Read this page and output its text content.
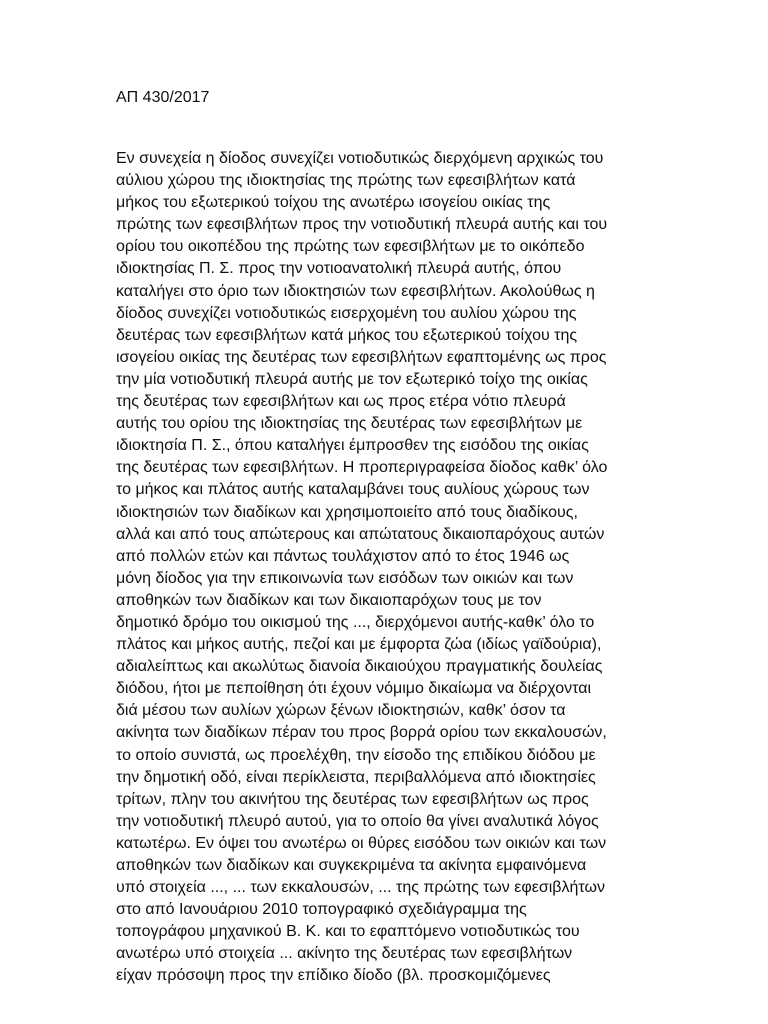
ΑΠ 430/2017
Εν συνεχεία η δίοδος συνεχίζει νοτιοδυτικώς διερχόμενη αρχικώς του
αύλιου χώρου της ιδιοκτησίας της πρώτης των εφεσιβλήτων κατά
μήκος του εξωτερικού τοίχου της ανωτέρω ισογείου οικίας της
πρώτης των εφεσιβλήτων προς την νοτιοδυτική πλευρά αυτής και του
ορίου του οικοπέδου της πρώτης των εφεσιβλήτων με το οικόπεδο
ιδιοκτησίας Π. Σ. προς την νοτιοανατολική πλευρά αυτής, όπου
καταλήγει στο όριο των ιδιοκτησιών των εφεσιβλήτων. Ακολούθως η
δίοδος συνεχίζει νοτιοδυτικώς εισερχομένη του αυλίου χώρου της
δευτέρας των εφεσιβλήτων κατά μήκος του εξωτερικού τοίχου της
ισογείου οικίας της δευτέρας των εφεσιβλήτων εφαπτομένης ως προς
την μία νοτιοδυτική πλευρά αυτής με τον εξωτερικό τοίχο της οικίας
της δευτέρας των εφεσιβλήτων και ως προς ετέρα νότιο πλευρά
αυτής του ορίου της ιδιοκτησίας της δευτέρας των εφεσιβλήτων με
ιδιοκτησία Π. Σ., όπου καταλήγει έμπροσθεν της εισόδου της οικίας
της δευτέρας των εφεσιβλήτων. Η προπεριγραφείσα δίοδος καθκ’ όλο
το μήκος και πλάτος αυτής καταλαμβάνει τους αυλίους χώρους των
ιδιοκτησιών των διαδίκων και χρησιμοποιείτο από τους διαδίκους,
αλλά και από τους απώτερους και απώτατους δικαιοπαρόχους αυτών
από πολλών ετών και πάντως τουλάχιστον από το έτος 1946 ως
μόνη δίοδος για την επικοινωνία των εισόδων των οικιών και των
αποθηκών των διαδίκων και των δικαιοπαρόχων τους με τον
δημοτικό δρόμο του οικισμού της ..., διερχόμενοι αυτής-καθκ’ όλο το
πλάτος και μήκος αυτής, πεζοί και με έμφορτα ζώα (ιδίως γαϊδούρια),
αδιαλείπτως και ακωλύτως διανοία δικαιούχου πραγματικής δουλείας
διόδου, ήτοι με πεποίθηση ότι έχουν νόμιμο δικαίωμα να διέρχονται
διά μέσου των αυλίων χώρων ξένων ιδιοκτησιών, καθκ’ όσον τα
ακίνητα των διαδίκων πέραν του προς βορρά ορίου των εκκαλουσών,
το οποίο συνιστά, ως προελέχθη, την είσοδο της επιδίκου διόδου με
την δημοτική οδό, είναι περίκλειστα, περιβαλλόμενα από ιδιοκτησίες
τρίτων, πλην του ακινήτου της δευτέρας των εφεσιβλήτων ως προς
την νοτιοδυτική πλευρό αυτού, για το οποίο θα γίνει αναλυτικά λόγος
κατωτέρω. Εν όψει του ανωτέρω οι θύρες εισόδου των οικιών και των
αποθηκών των διαδίκων και συγκεκριμένα τα ακίνητα εμφαινόμενα
υπό στοιχεία ..., ... των εκκαλουσών, ... της πρώτης των εφεσιβλήτων
στο από Ιανουάριου 2010 τοπογραφικό σχεδιάγραμμα της
τοπογράφου μηχανικού Β. Κ. και το εφαπτόμενο νοτιοδυτικώς του
ανωτέρω υπό στοιχεία ... ακίνητο της δευτέρας των εφεσιβλήτων
είχαν πρόσοψη προς την επίδικο δίοδο (βλ. προσκομιζόμενες
